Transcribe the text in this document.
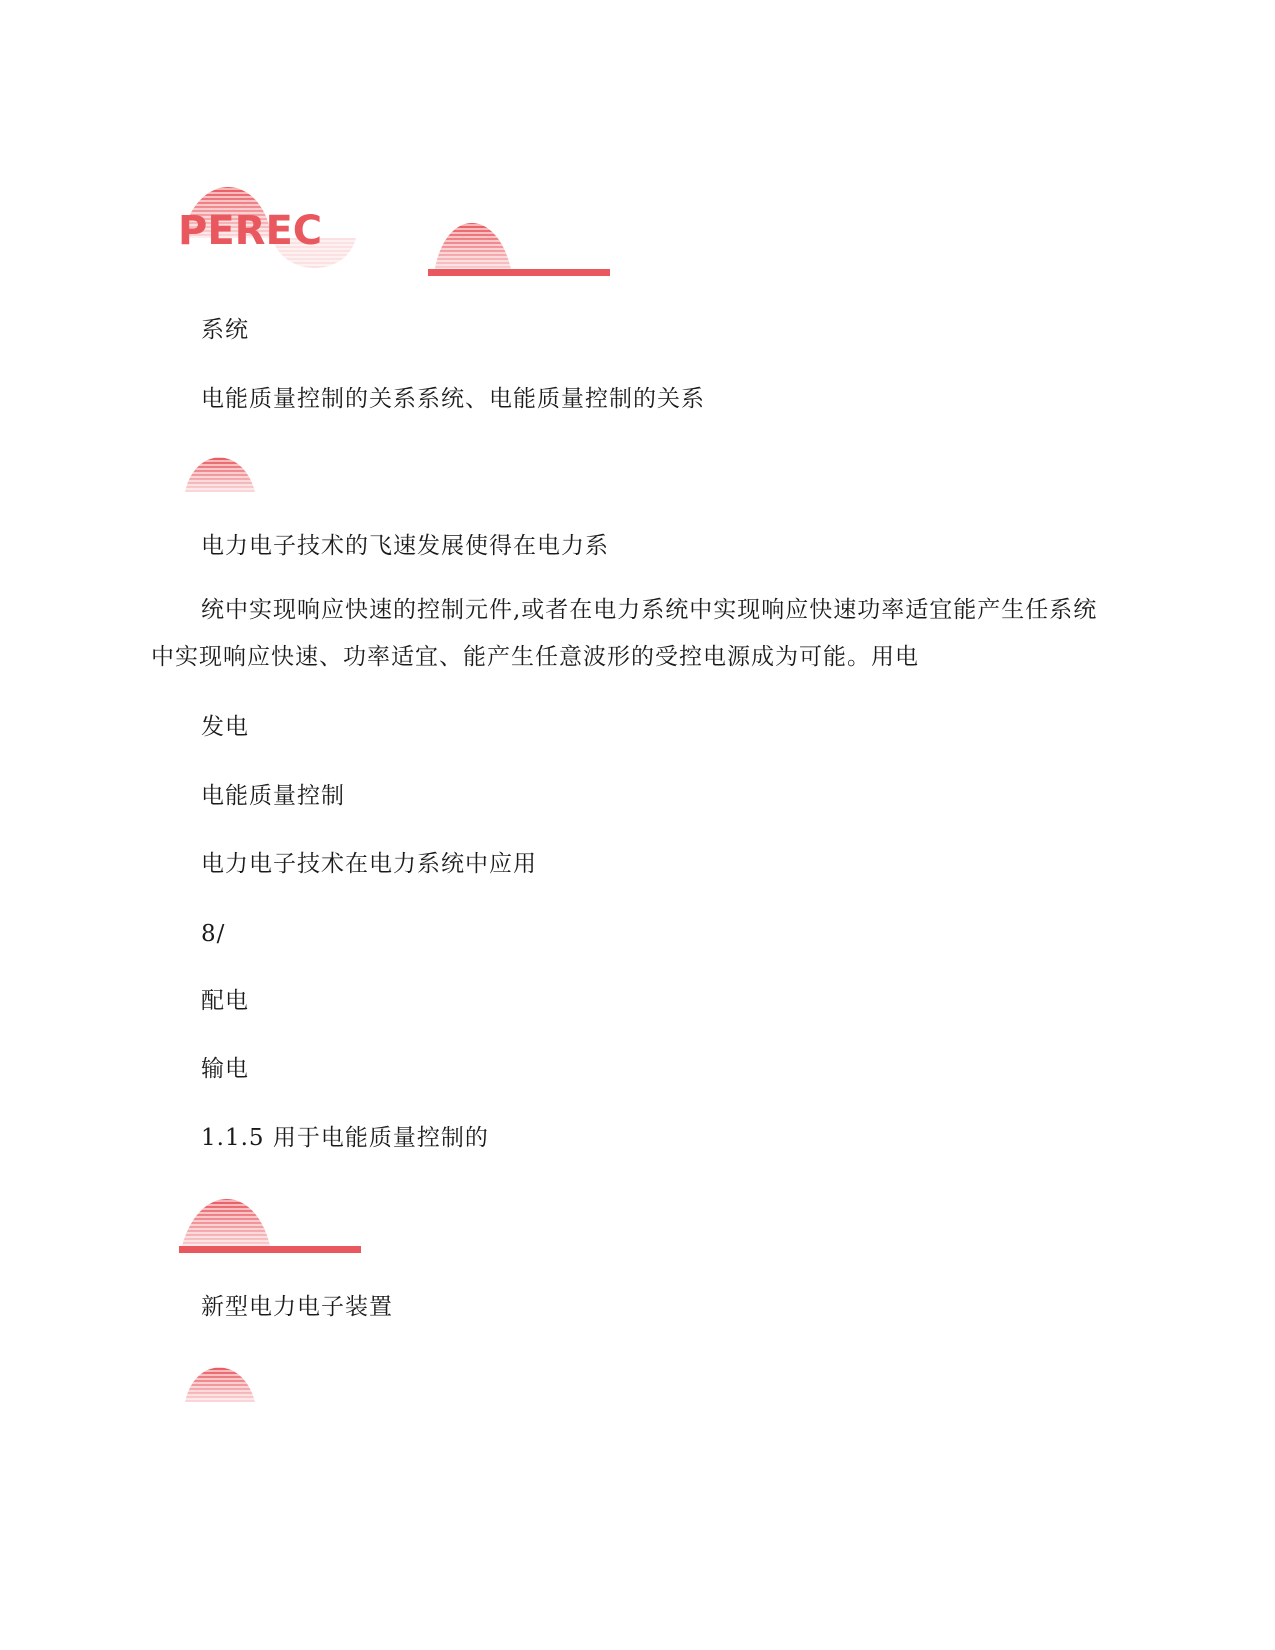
PEREC
系统
电能质量控制的关系系统、电能质量控制的关系
电力电子技术的飞速发展使得在电力系
统中实现响应快速的控制元件,或者在电力系统中实现响应快速功率适宜能产生任系统中实现响应快速、功率适宜、能产生任意波形的受控电源成为可能。用电
发电
电能质量控制
电力电子技术在电力系统中应用
8/
配电
输电
1.1.5 用于电能质量控制的
新型电力电子装置
